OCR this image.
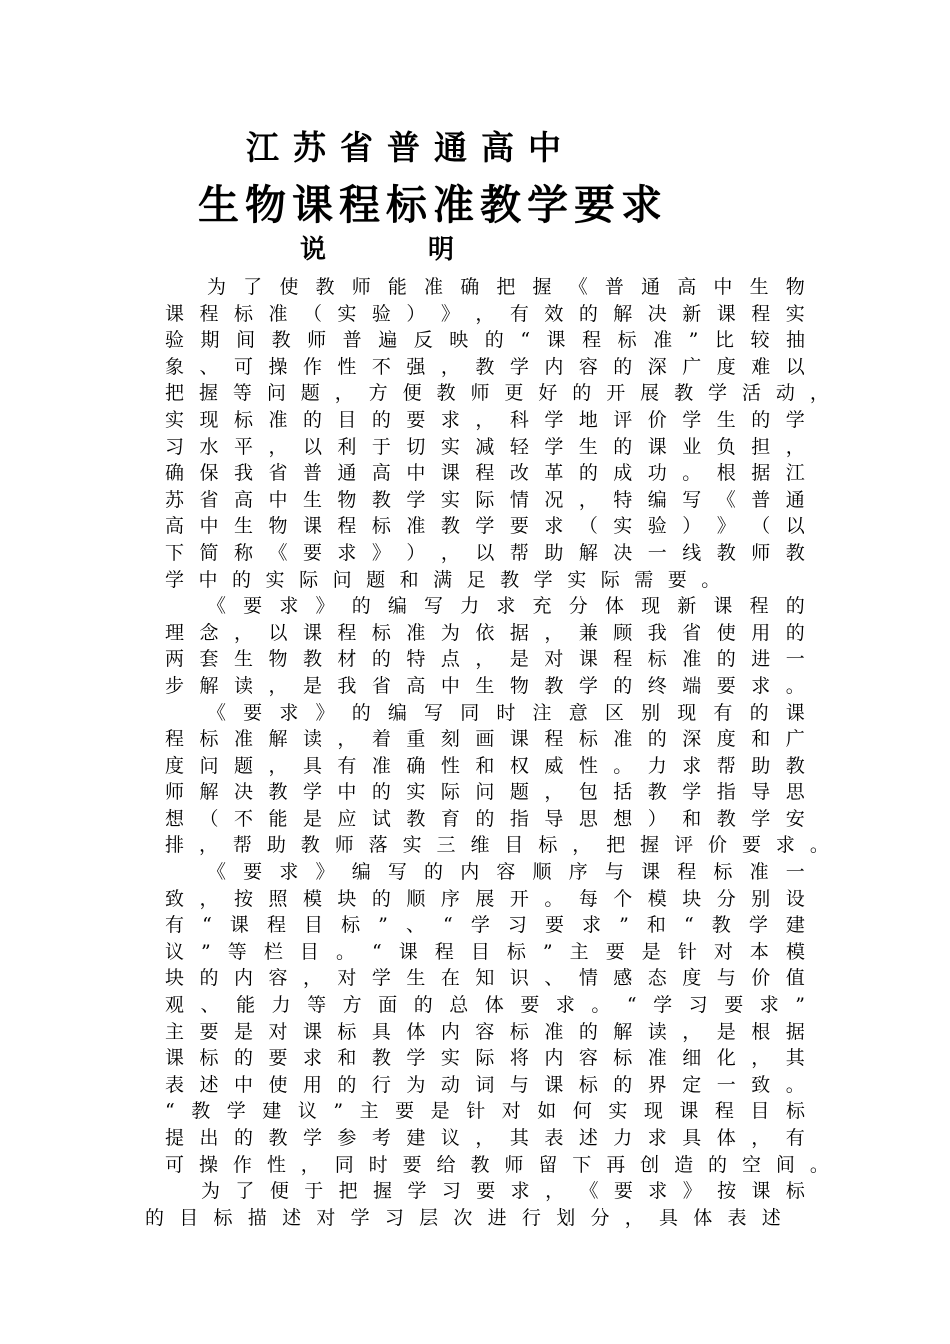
江苏省普通高中
生物课程标准教学要求
说	明
为 了 使 教 师 能 准 确 把 握 《 普 通 高 中 生 物
课 程 标 准 （ 实 验 ） 》 ， 有 效 的 解 决 新 课 程 实
验 期 间 教 师 普 遍 反 映 的 “ 课 程 标 准 ” 比 较 抽
象 、 可 操 作 性 不 强 ， 教 学 内 容 的 深 广 度 难 以
把 握 等 问 题 ， 方 便 教 师 更 好 的 开 展 教 学 活 动 ，
实 现 标 准 的 目 的 要 求 ， 科 学 地 评 价 学 生 的 学
习 水 平 ， 以 利 于 切 实 减 轻 学 生 的 课 业 负 担 ，
确 保 我 省 普 通 高 中 课 程 改 革 的 成 功 。 根 据 江
苏 省 高 中 生 物 教 学 实 际 情 况 ， 特 编 写 《 普 通
高 中 生 物 课 程 标 准 教 学 要 求 （ 实 验 ） 》 （ 以
下 简 称 《 要 求 》 ） ， 以 帮 助 解 决 一 线 教 师 教
学 中 的 实 际 问 题 和 满 足 教 学 实 际 需 要 。
《 要 求 》 的 编 写 力 求 充 分 体 现 新 课 程 的
理 念 ， 以 课 程 标 准 为 依 据 ， 兼 顾 我 省 使 用 的
两 套 生 物 教 材 的 特 点 ， 是 对 课 程 标 准 的 进 一
步 解 读 ， 是 我 省 高 中 生 物 教 学 的 终 端 要 求 。
《 要 求 》 的 编 写 同 时 注 意 区 别 现 有 的 课
程 标 准 解 读 ， 着 重 刻 画 课 程 标 准 的 深 度 和 广
度 问 题 ， 具 有 准 确 性 和 权 威 性 。 力 求 帮 助 教
师 解 决 教 学 中 的 实 际 问 题 ， 包 括 教 学 指 导 思
想 （ 不 能 是 应 试 教 育 的 指 导 思 想 ） 和 教 学 安
排 ， 帮 助 教 师 落 实 三 维 目 标 ， 把 握 评 价 要 求 。
《 要 求 》 编 写 的 内 容 顺 序 与 课 程 标 准 一
致 ， 按 照 模 块 的 顺 序 展 开 。 每 个 模 块 分 别 设
有 “ 课 程 目 标 ” 、 “ 学 习 要 求 ” 和 “ 教 学 建
议 ” 等 栏 目 。 “ 课 程 目 标 ” 主 要 是 针 对 本 模
块 的 内 容 ， 对 学 生 在 知 识 、 情 感 态 度 与 价 值
观 、 能 力 等 方 面 的 总 体 要 求 。 “ 学 习 要 求 ”
主 要 是 对 课 标 具 体 内 容 标 准 的 解 读 ， 是 根 据
课 标 的 要 求 和 教 学 实 际 将 内 容 标 准 细 化 ， 其
表 述 中 使 用 的 行 为 动 词 与 课 标 的 界 定 一 致 。
“ 教 学 建 议 ” 主 要 是 针 对 如 何 实 现 课 程 目 标
提 出 的 教 学 参 考 建 议 ， 其 表 述 力 求 具 体 ， 有
可 操 作 性 ， 同 时 要 给 教 师 留 下 再 创 造 的 空 间 。
为 了 便 于 把 握 学 习 要 求 ， 《 要 求 》 按 课 标
的 目 标 描 述 对 学 习 层 次 进 行 划 分 ， 具 体 表 述
